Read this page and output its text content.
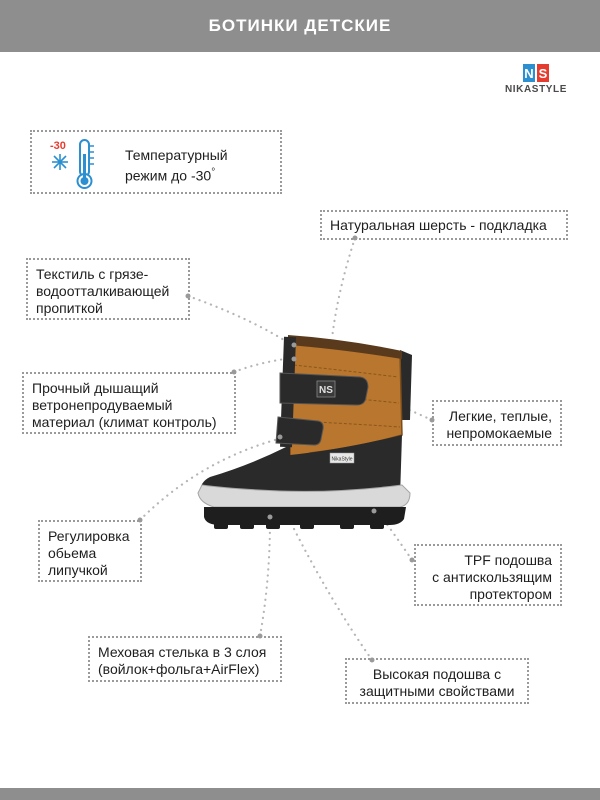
БОТИНКИ ДЕТСКИЕ
N S
NIKASTYLE
-30
Температурный
режим до -30°
NS
NikaStyle
Натуральная шерсть - подкладка
Текстиль с грязе-
водоотталкивающей
пропиткой
Прочный дышащий
ветронепродуваемый
материал (климат контроль)	Легкие, теплые,
непромокаемые
Регулировка
обьема
липучкой
TPF подошва
с антискользящим
протектором
Меховая стелька в 3 слоя
(войлок+фольга+AirFlex)	Высокая подошва с
защитными свойствами
